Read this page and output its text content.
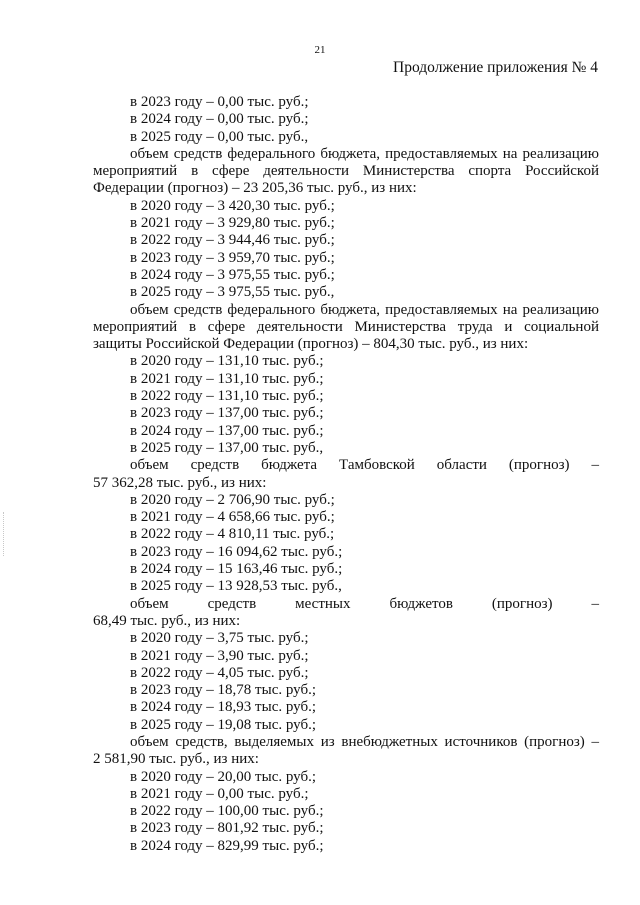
21
Продолжение приложения № 4

в 2023 году – 0,00 тыс. руб.;

в 2024 году – 0,00 тыс. руб.;

в 2025 году – 0,00 тыс. руб.,

объем средств федерального бюджета, предоставляемых на реализацию

мероприятий в сфере деятельности Министерства спорта Российской

Федерации (прогноз) – 23 205,36 тыс. руб., из них:

в 2020 году – 3 420,30 тыс. руб.;

в 2021 году – 3 929,80 тыс. руб.;

в 2022 году – 3 944,46 тыс. руб.;

в 2023 году – 3 959,70 тыс. руб.;

в 2024 году – 3 975,55 тыс. руб.;

в 2025 году – 3 975,55 тыс. руб.,

объем средств федерального бюджета, предоставляемых на реализацию

мероприятий в сфере деятельности Министерства труда и социальной

защиты Российской Федерации (прогноз) – 804,30 тыс. руб., из них:

в 2020 году – 131,10 тыс. руб.;

в 2021 году – 131,10 тыс. руб.;

в 2022 году – 131,10 тыс. руб.;

в 2023 году – 137,00 тыс. руб.;

в 2024 году – 137,00 тыс. руб.;

в 2025 году – 137,00 тыс. руб.,

объем средств бюджета Тамбовской области (прогноз) –

57 362,28 тыс. руб., из них:

в 2020 году – 2 706,90 тыс. руб.;

в 2021 году – 4 658,66 тыс. руб.;

в 2022 году – 4 810,11 тыс. руб.;

в 2023 году – 16 094,62 тыс. руб.;

в 2024 году – 15 163,46 тыс. руб.;

в 2025 году – 13 928,53 тыс. руб.,

объем средств местных бюджетов (прогноз) –

68,49 тыс. руб., из них:

в 2020 году – 3,75 тыс. руб.;

в 2021 году – 3,90 тыс. руб.;

в 2022 году – 4,05 тыс. руб.;

в 2023 году – 18,78 тыс. руб.;

в 2024 году – 18,93 тыс. руб.;

в 2025 году – 19,08 тыс. руб.;

объем средств, выделяемых из внебюджетных источников (прогноз) –

2 581,90 тыс. руб., из них:

в 2020 году – 20,00 тыс. руб.;

в 2021 году – 0,00 тыс. руб.;

в 2022 году – 100,00 тыс. руб.;

в 2023 году – 801,92 тыс. руб.;

в 2024 году – 829,99 тыс. руб.;
